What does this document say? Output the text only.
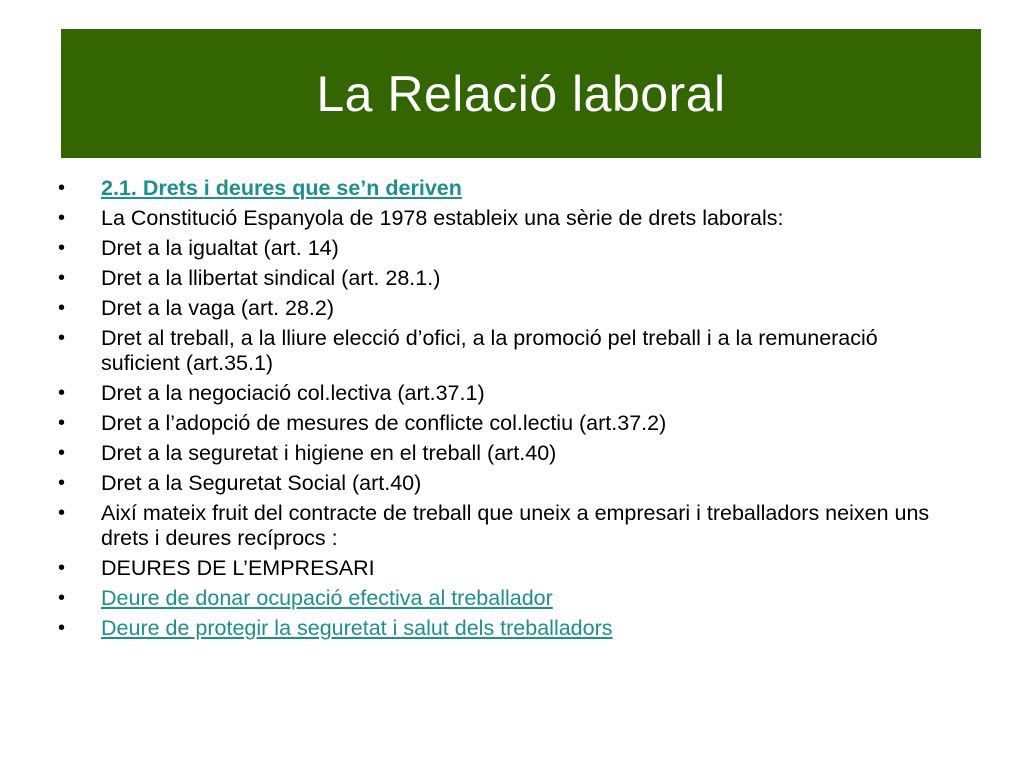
La Relació laboral
•	2.1. Drets i deures que se’n deriven
•	La Constitució Espanyola de 1978 estableix una sèrie de drets laborals:
•	Dret a la igualtat (art. 14)
•	Dret a la llibertat sindical (art. 28.1.)
•	Dret a la vaga (art. 28.2)
•	Dret al treball, a la lliure elecció d’ofici, a la promoció pel treball i a la remuneració suficient (art.35.1)
•	Dret a la negociació col.lectiva (art.37.1)
•	Dret a l’adopció de mesures de conflicte col.lectiu (art.37.2)
•	Dret a la seguretat i higiene en el treball (art.40)
•	Dret a la Seguretat Social (art.40)
•	Així mateix fruit del contracte de treball que uneix a empresari i treballadors neixen uns drets i deures recíprocs :
•	DEURES DE L’EMPRESARI
•	Deure de donar ocupació efectiva al treballador
•	Deure de protegir la seguretat i salut dels treballadors
